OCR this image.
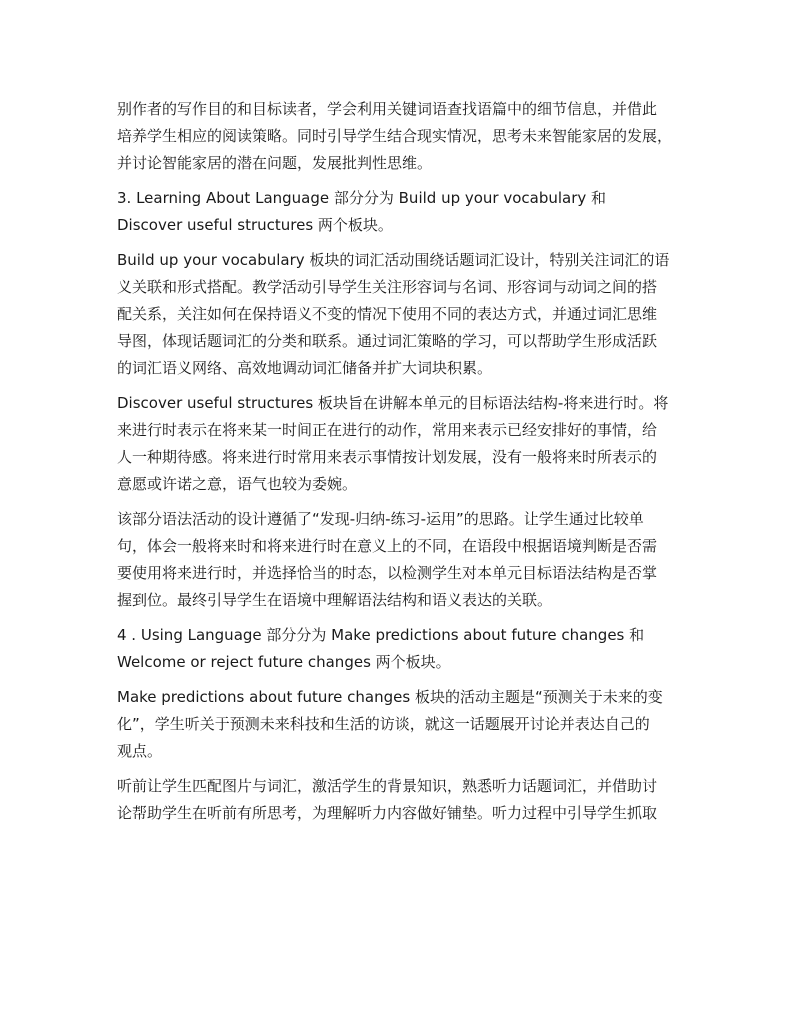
别作者的写作目的和目标读者，学会利用关键词语查找语篇中的细节信息，并借此
培养学生相应的阅读策略。同时引导学生结合现实情况，思考未来智能家居的发展，
并讨论智能家居的潜在问题，发展批判性思维。

3. Learning About Language 部分分为 Build up your vocabulary 和
Discover useful structures 两个板块。

Build up your vocabulary 板块的词汇活动围绕话题词汇设计，特别关注词汇的语
义关联和形式搭配。教学活动引导学生关注形容词与名词、形容词与动词之间的搭
配关系，关注如何在保持语义不变的情况下使用不同的表达方式，并通过词汇思维
导图，体现话题词汇的分类和联系。通过词汇策略的学习，可以帮助学生形成活跃
的词汇语义网络、高效地调动词汇储备并扩大词块积累。

Discover useful structures 板块旨在讲解本单元的目标语法结构-将来进行时。将
来进行时表示在将来某一时间正在进行的动作，常用来表示已经安排好的事情，给
人一种期待感。将来进行时常用来表示事情按计划发展，没有一般将来时所表示的
意愿或许诺之意，语气也较为委婉。

该部分语法活动的设计遵循了“发现-归纳-练习-运用”的思路。让学生通过比较单
句，体会一般将来时和将来进行时在意义上的不同，在语段中根据语境判断是否需
要使用将来进行时，并选择恰当的时态，以检测学生对本单元目标语法结构是否掌
握到位。最终引导学生在语境中理解语法结构和语义表达的关联。

4 . Using Language 部分分为 Make predictions about future changes 和
Welcome or reject future changes 两个板块。

Make predictions about future changes 板块的活动主题是“预测关于未来的变
化”，学生听关于预测未来科技和生活的访谈，就这一话题展开讨论并表达自己的
观点。

听前让学生匹配图片与词汇，激活学生的背景知识，熟悉听力话题词汇，并借助讨
论帮助学生在听前有所思考，为理解听力内容做好铺垫。听力过程中引导学生抓取
